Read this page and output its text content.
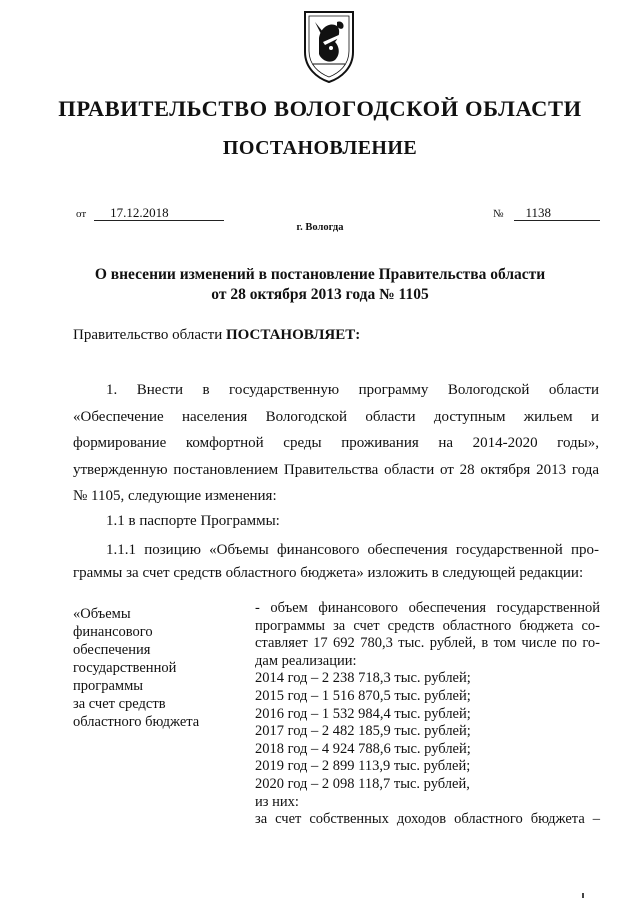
ПРАВИТЕЛЬСТВО ВОЛОГОДСКОЙ ОБЛАСТИ
ПОСТАНОВЛЕНИЕ
от 17.12.2018	№ 1138
г. Вологда
О внесении изменений в постановление Правительства области
от 28 октября 2013 года № 1105
Правительство области ПОСТАНОВЛЯЕТ:
1. Внести в государственную программу Вологодской области
«Обеспечение населения Вологодской области доступным жильем и
формирование комфортной среды проживания на 2014-2020 годы»,
утвержденную постановлением Правительства области от 28 октября 2013 года
№ 1105, следующие изменения:
1.1 в паспорте Программы:
1.1.1 позицию «Объемы финансового обеспечения государственной про-
граммы за счет средств областного бюджета» изложить в следующей редакции:
«Объемы
финансового
обеспечения
государственной
программы
за счет средств
областного бюджета
- объем финансового обеспечения государственной
программы за счет средств областного бюджета со-
ставляет 17 692 780,3 тыс. рублей, в том числе по го-
дам реализации:
2014 год – 2 238 718,3 тыс. рублей;
2015 год – 1 516 870,5 тыс. рублей;
2016 год – 1 532 984,4 тыс. рублей;
2017 год – 2 482 185,9 тыс. рублей;
2018 год – 4 924 788,6 тыс. рублей;
2019 год – 2 899 113,9 тыс. рублей;
2020 год – 2 098 118,7 тыс. рублей,
из них:
за счет собственных доходов областного бюджета –
